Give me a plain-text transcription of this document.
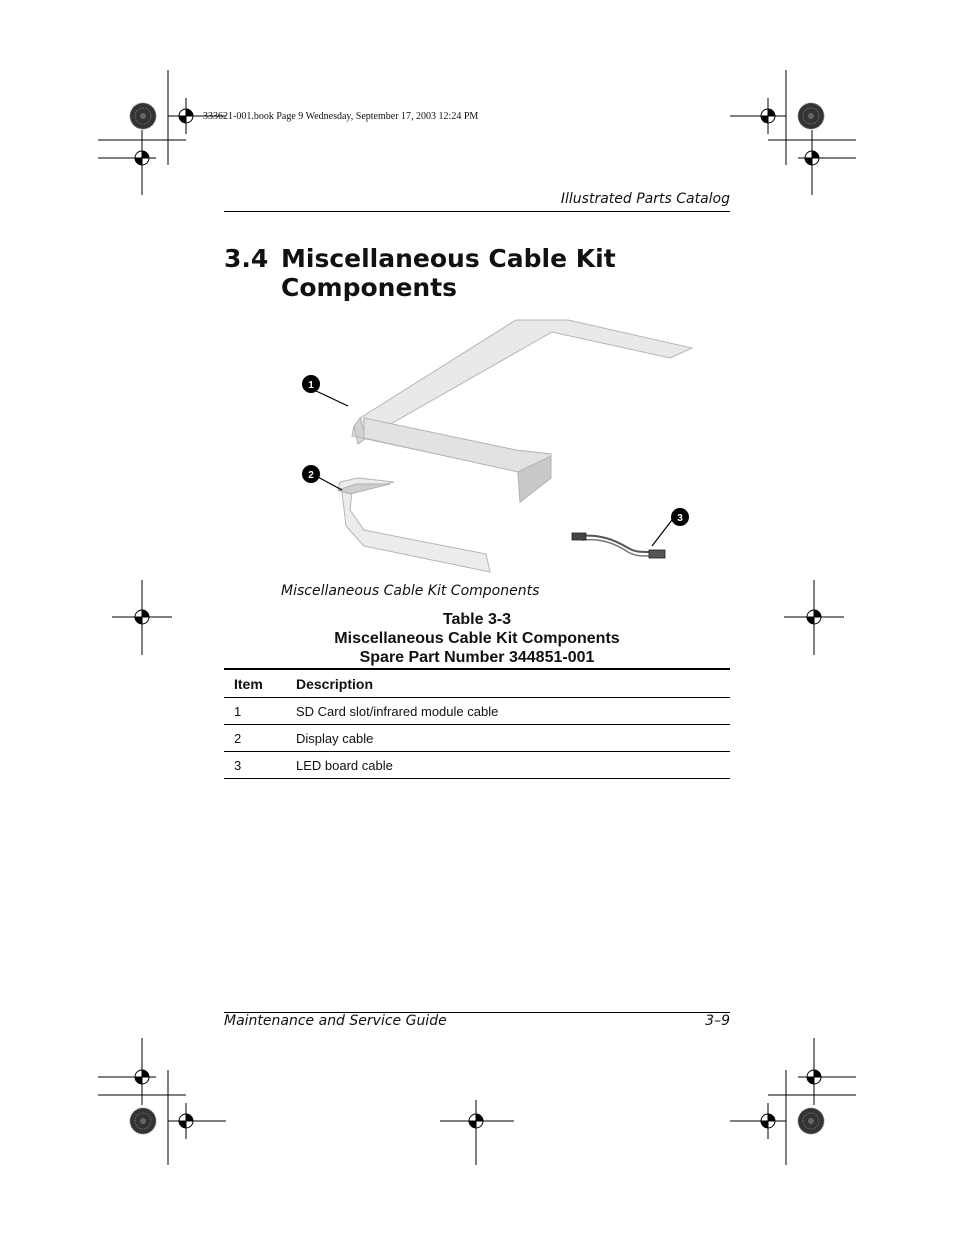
333621-001.book Page 9 Wednesday, September 17, 2003 12:24 PM
Illustrated Parts Catalog
3.4 Miscellaneous Cable Kit
Components
1
2
3
Miscellaneous Cable Kit Components
Table 3-3
Miscellaneous Cable Kit Components
Spare Part Number 344851-001
Item	Description
1	SD Card slot/infrared module cable
2	Display cable
3	LED board cable
Maintenance and Service Guide	3–9
